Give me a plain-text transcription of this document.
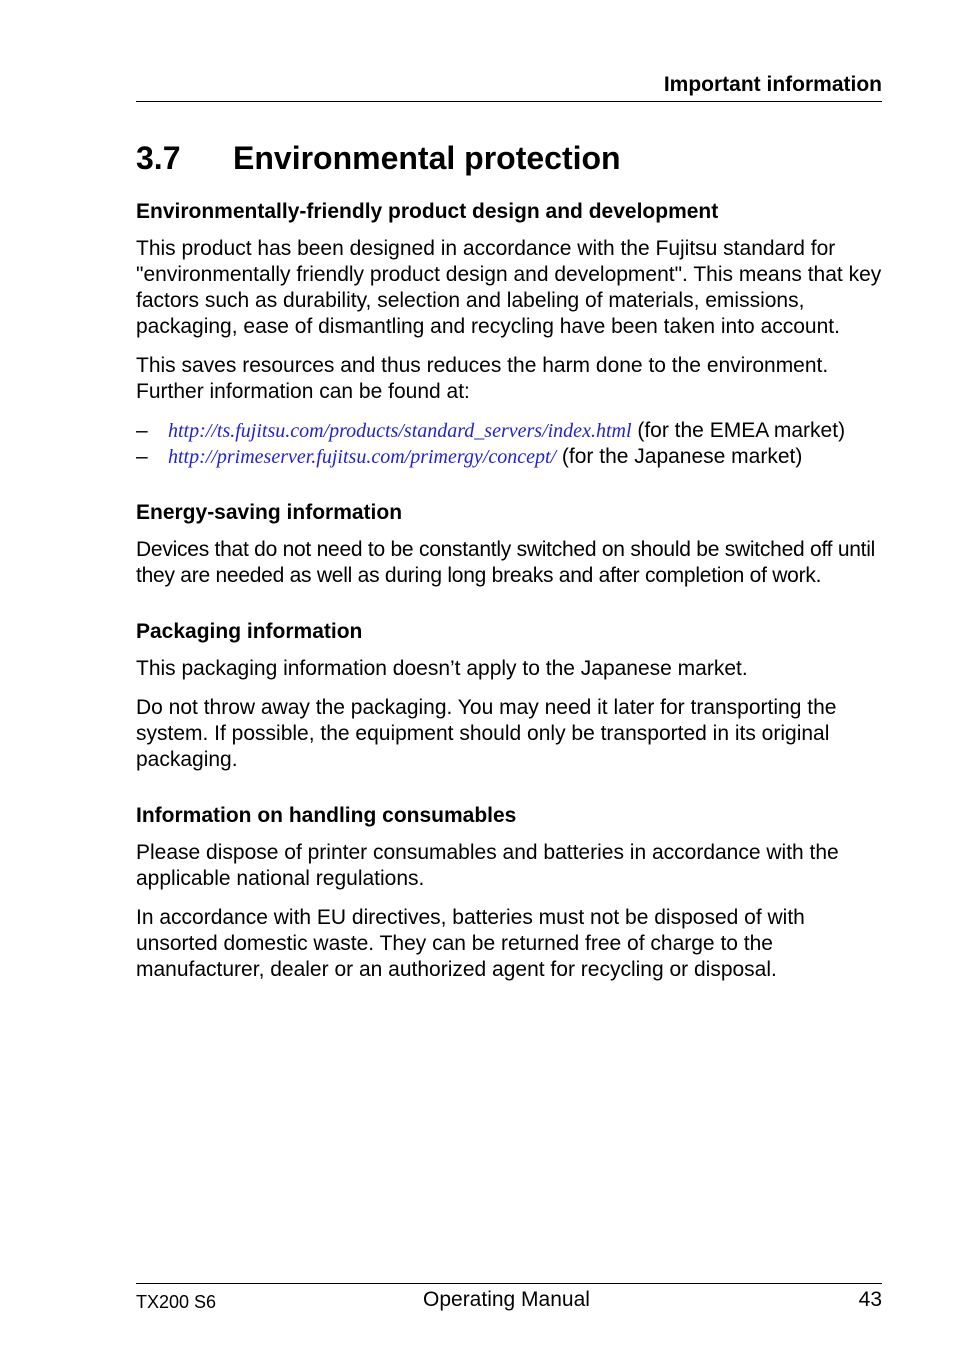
Important information
3.7 Environmental protection
Environmentally-friendly product design and development

This product has been designed in accordance with the Fujitsu standard for "environmentally friendly product design and development". This means that key factors such as durability, selection and labeling of materials, emissions, packaging, ease of dismantling and recycling have been taken into account.

This saves resources and thus reduces the harm done to the environment. Further information can be found at:

– http://ts.fujitsu.com/products/standard_servers/index.html (for the EMEA market)
– http://primeserver.fujitsu.com/primergy/concept/ (for the Japanese market)
Energy-saving information

Devices that do not need to be constantly switched on should be switched off until they are needed as well as during long breaks and after completion of work.

Packaging information

This packaging information doesn’t apply to the Japanese market.

Do not throw away the packaging. You may need it later for transporting the system. If possible, the equipment should only be transported in its original packaging.

Information on handling consumables

Please dispose of printer consumables and batteries in accordance with the applicable national regulations.

In accordance with EU directives, batteries must not be disposed of with unsorted domestic waste. They can be returned free of charge to the manufacturer, dealer or an authorized agent for recycling or disposal.

TX200 S6	Operating Manual	43
